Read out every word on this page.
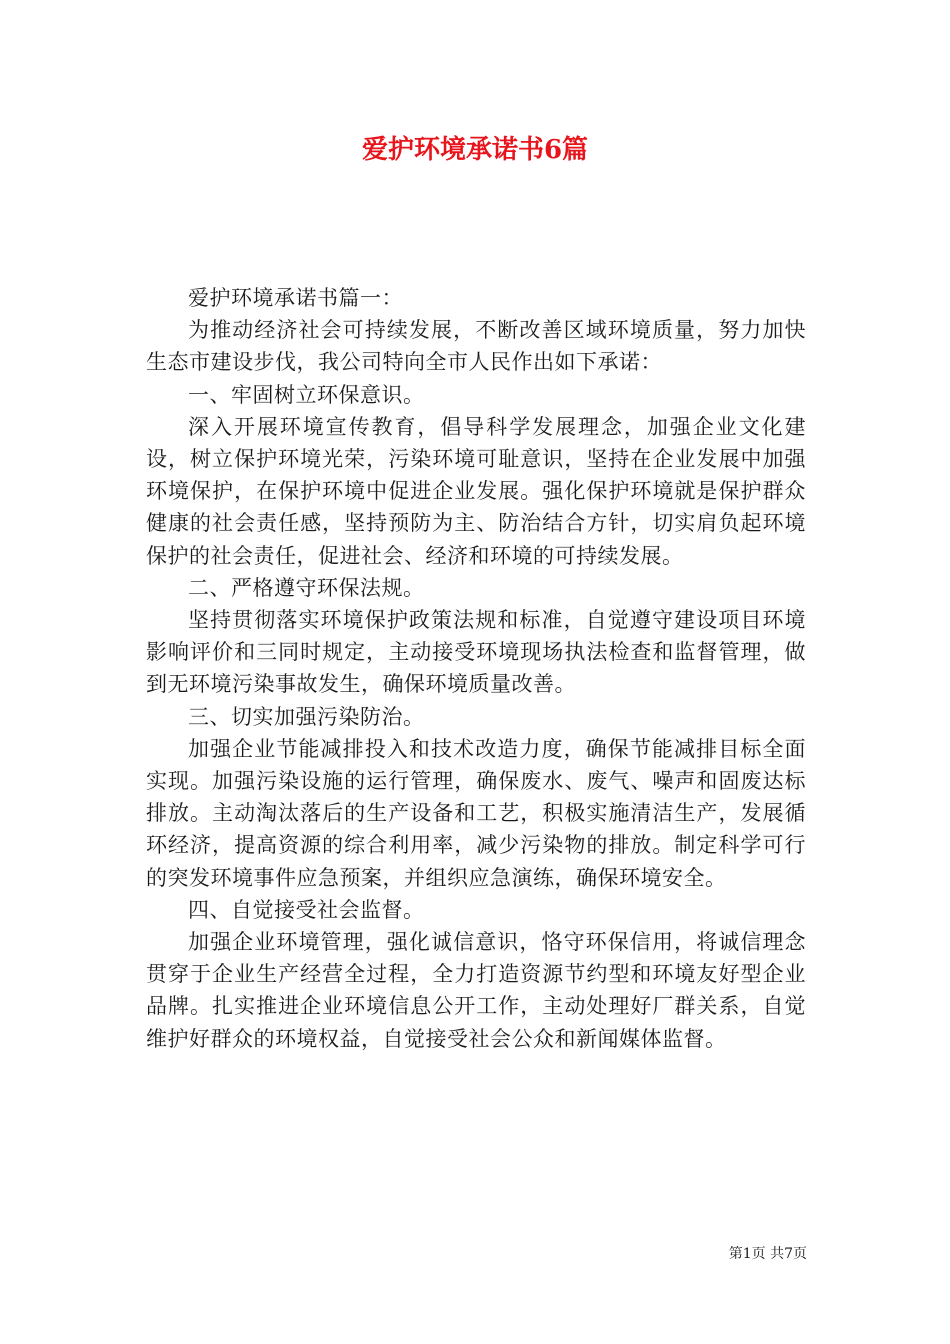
爱护环境承诺书6篇

爱护环境承诺书篇一：

为推动经济社会可持续发展，不断改善区域环境质量，努力加快生态市建设步伐，我公司特向全市人民作出如下承诺：

一、牢固树立环保意识。

深入开展环境宣传教育，倡导科学发展理念，加强企业文化建设，树立保护环境光荣，污染环境可耻意识，坚持在企业发展中加强环境保护，在保护环境中促进企业发展。强化保护环境就是保护群众健康的社会责任感，坚持预防为主、防治结合方针，切实肩负起环境保护的社会责任，促进社会、经济和环境的可持续发展。

二、严格遵守环保法规。

坚持贯彻落实环境保护政策法规和标准，自觉遵守建设项目环境影响评价和三同时规定，主动接受环境现场执法检查和监督管理，做到无环境污染事故发生，确保环境质量改善。

三、切实加强污染防治。

加强企业节能减排投入和技术改造力度，确保节能减排目标全面实现。加强污染设施的运行管理，确保废水、废气、噪声和固废达标排放。主动淘汰落后的生产设备和工艺，积极实施清洁生产，发展循环经济，提高资源的综合利用率，减少污染物的排放。制定科学可行的突发环境事件应急预案，并组织应急演练，确保环境安全。

四、自觉接受社会监督。

加强企业环境管理，强化诚信意识，恪守环保信用，将诚信理念贯穿于企业生产经营全过程，全力打造资源节约型和环境友好型企业品牌。扎实推进企业环境信息公开工作，主动处理好厂群关系，自觉维护好群众的环境权益，自觉接受社会公众和新闻媒体监督。

第1页 共7页
